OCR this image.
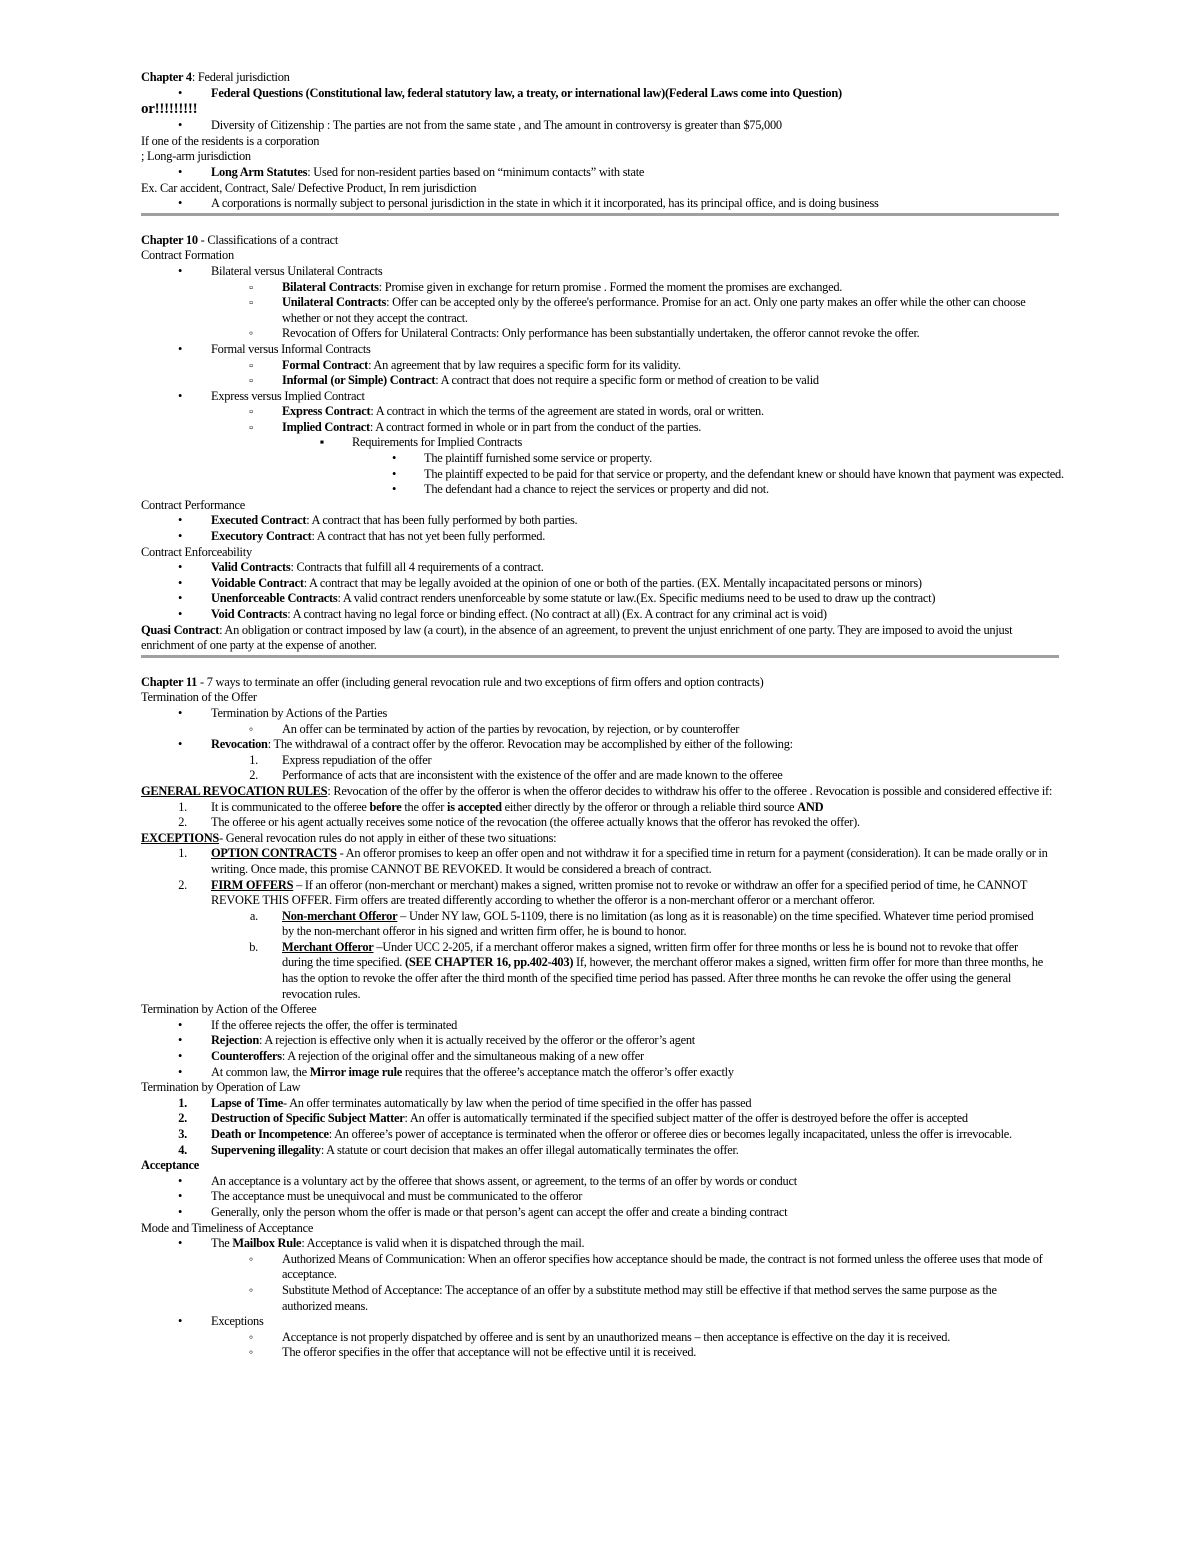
Chapter 4: Federal jurisdiction
•
Federal Questions (Constitutional law, federal statutory law, a treaty, or international law)(Federal Laws come into Question)
or!!!!!!!!!
•
Diversity of Citizenship : The parties are not from the same state , and The amount in controversy is greater than $75,000
If one of the residents is a corporation
; Long-arm jurisdiction
•
Long Arm Statutes: Used for non-resident parties based on “minimum contacts” with state
Ex. Car accident, Contract, Sale/ Defective Product, In rem jurisdiction
•
A corporations is normally subject to personal jurisdiction in the state in which it it incorporated, has its principal office, and is doing business
Chapter 10 - Classifications of a contract
Contract Formation
•
Bilateral versus Unilateral Contracts
▫
Bilateral Contracts: Promise given in exchange for return promise . Formed the moment the promises are exchanged.
▫
Unilateral Contracts: Offer can be accepted only by the offeree's performance. Promise for an act. Only one party makes an offer while the other can choose whether or not they accept the contract.
◦
Revocation of Offers for Unilateral Contracts: Only performance has been substantially undertaken, the offeror cannot revoke the offer.
•
Formal versus Informal Contracts
▫
Formal Contract: An agreement that by law requires a specific form for its validity.
▫
Informal (or Simple) Contract: A contract that does not require a specific form or method of creation to be valid
•
Express versus Implied Contract
▫
Express Contract: A contract in which the terms of the agreement are stated in words, oral or written.
▫
Implied Contract: A contract formed in whole or in part from the conduct of the parties.
▪
Requirements for Implied Contracts
•
The plaintiff furnished some service or property.
•
The plaintiff expected to be paid for that service or property, and the defendant knew or should have known that payment was expected.
•
The defendant had a chance to reject the services or property and did not.
Contract Performance
•
Executed Contract: A contract that has been fully performed by both parties.
•
Executory Contract: A contract that has not yet been fully performed.
Contract Enforceability
•
Valid Contracts: Contracts that fulfill all 4 requirements of a contract.
•
Voidable Contract: A contract that may be legally avoided at the opinion of one or both of the parties. (EX. Mentally incapacitated persons or minors)
•
Unenforceable Contracts: A valid contract renders unenforceable by some statute or law.(Ex. Specific mediums need to be used to draw up the contract)
•
Void Contracts: A contract having no legal force or binding effect. (No contract at all) (Ex. A contract for any criminal act is void)
Quasi Contract: An obligation or contract imposed by law (a court), in the absence of an agreement, to prevent the unjust enrichment of one party. They are imposed to avoid the unjust enrichment of one party at the expense of another.
Chapter 11 - 7 ways to terminate an offer (including general revocation rule and two exceptions of firm offers and option contracts)
Termination of the Offer
•
Termination by Actions of the Parties
◦
An offer can be terminated by action of the parties by revocation, by rejection, or by counteroffer
•
Revocation: The withdrawal of a contract offer by the offeror. Revocation may be accomplished by either of the following:
1. Express repudiation of the offer
2. Performance of acts that are inconsistent with the existence of the offer and are made known to the offeree
GENERAL REVOCATION RULES: Revocation of the offer by the offeror is when the offeror decides to withdraw his offer to the offeree . Revocation is possible and considered effective if:
1. It is communicated to the offeree before the offer is accepted either directly by the offeror or through a reliable third source AND
2. The offeree or his agent actually receives some notice of the revocation (the offeree actually knows that the offeror has revoked the offer).
EXCEPTIONS- General revocation rules do not apply in either of these two situations:
1. OPTION CONTRACTS - An offeror promises to keep an offer open and not withdraw it for a specified time in return for a payment (consideration). It can be made orally or in writing. Once made, this promise CANNOT BE REVOKED. It would be considered a breach of contract.
2. FIRM OFFERS – If an offeror (non-merchant or merchant) makes a signed, written promise not to revoke or withdraw an offer for a specified period of time, he CANNOT REVOKE THIS OFFER. Firm offers are treated differently according to whether the offeror is a non-merchant offeror or a merchant offeror.
a. Non-merchant Offeror – Under NY law, GOL 5-1109, there is no limitation (as long as it is reasonable) on the time specified. Whatever time period promised by the non-merchant offeror in his signed and written firm offer, he is bound to honor.
b. Merchant Offeror –Under UCC 2-205, if a merchant offeror makes a signed, written firm offer for three months or less he is bound not to revoke that offer during the time specified. (SEE CHAPTER 16, pp.402-403) If, however, the merchant offeror makes a signed, written firm offer for more than three months, he has the option to revoke the offer after the third month of the specified time period has passed. After three months he can revoke the offer using the general revocation rules.
Termination by Action of the Offeree
•
If the offeree rejects the offer, the offer is terminated
•
Rejection: A rejection is effective only when it is actually received by the offeror or the offeror’s agent
•
Counteroffers: A rejection of the original offer and the simultaneous making of a new offer
•
At common law, the Mirror image rule requires that the offeree’s acceptance match the offeror’s offer exactly
Termination by Operation of Law
1. Lapse of Time- An offer terminates automatically by law when the period of time specified in the offer has passed
2. Destruction of Specific Subject Matter: An offer is automatically terminated if the specified subject matter of the offer is destroyed before the offer is accepted
3. Death or Incompetence: An offeree’s power of acceptance is terminated when the offeror or offeree dies or becomes legally incapacitated, unless the offer is irrevocable.
4. Supervening illegality: A statute or court decision that makes an offer illegal automatically terminates the offer.
Acceptance
•
An acceptance is a voluntary act by the offeree that shows assent, or agreement, to the terms of an offer by words or conduct
•
The acceptance must be unequivocal and must be communicated to the offeror
•
Generally, only the person whom the offer is made or that person’s agent can accept the offer and create a binding contract
Mode and Timeliness of Acceptance
•
The Mailbox Rule: Acceptance is valid when it is dispatched through the mail.
◦
Authorized Means of Communication: When an offeror specifies how acceptance should be made, the contract is not formed unless the offeree uses that mode of acceptance.
◦
Substitute Method of Acceptance: The acceptance of an offer by a substitute method may still be effective if that method serves the same purpose as the authorized means.
•
Exceptions
◦
Acceptance is not properly dispatched by offeree and is sent by an unauthorized means – then acceptance is effective on the day it is received.
◦
The offeror specifies in the offer that acceptance will not be effective until it is received.
